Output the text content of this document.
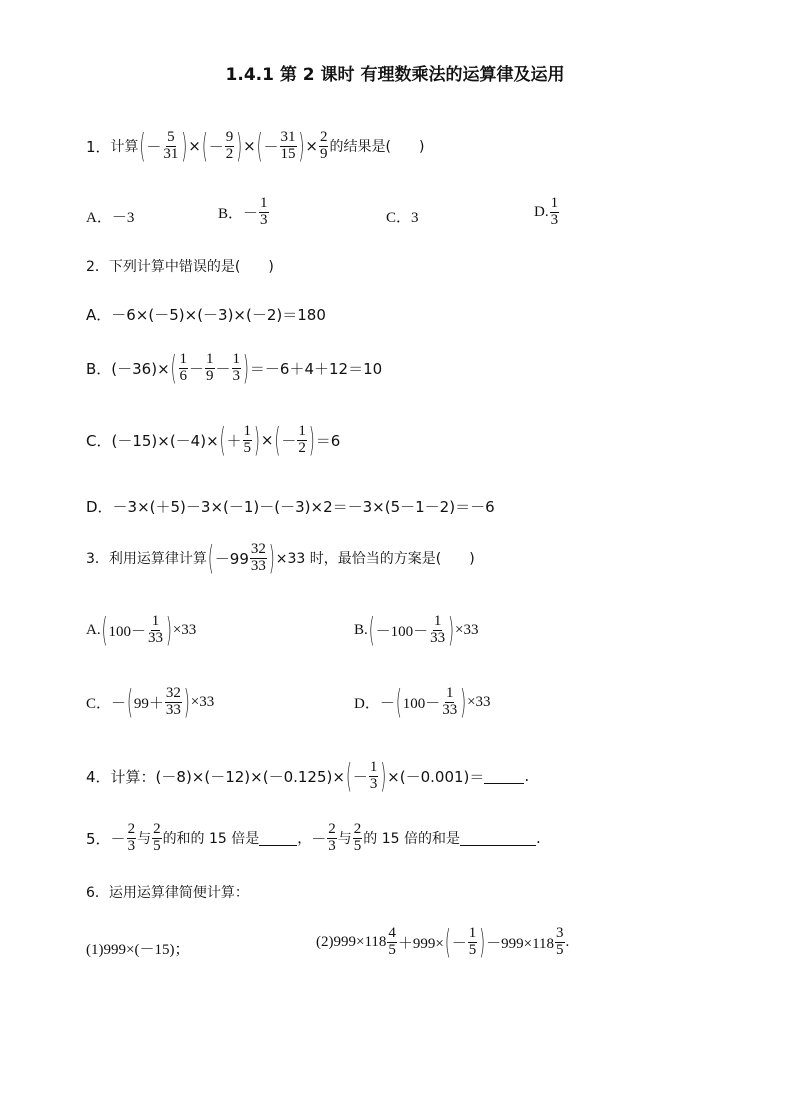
1.4.1 第 2 课时 有理数乘法的运算律及运用
1． 计算 ( － $\frac{5}{31}$ ) × ( － $\frac{9}{2}$ ) × ( － $\frac{31}{15}$ ) × $\frac{2}{9}$ 的结果是(　　)
A．－3	B． － $\frac{1}{3}$	C．3	D. $\frac{1}{3}$
2．下列计算中错误的是(　　)
A．－6×(－5)×(－3)×(－2)＝180
B．(－36)× ( $\frac{1}{6} - \frac{1}{9} - \frac{1}{3}$ ) ＝－6＋4＋12＝10
C．(－15)×(－4)× ( ＋ $\frac{1}{5}$ ) × ( － $\frac{1}{2}$ ) ＝6
D．－3×(＋5)－3×(－1)－(－3)×2＝－3×(5－1－2)＝－6
3．利用运算律计算 ( $-99 \frac{32}{33}$ ) ×33 时，最恰当的方案是(　　)
A. ( $100- \frac{1}{33}$ ) ×33	B. ( $-100- \frac{1}{33}$ ) ×33
C．－ ( $99+ \frac{32}{33}$ ) ×33	D．－ ( $100- \frac{1}{33}$ ) ×33
4．计算：(－8)×(－12)×(－0.125)× ( － $\frac{1}{3}$ ) ×(－0.001)＝	.
5． － $\frac{2}{3}$ 与 $\frac{2}{5}$ 的和的 15 倍是	， － $\frac{2}{3}$ 与 $\frac{2}{5}$ 的 15 倍的和是	.
6．运用运算律简便计算：
(1)999×(－15)；
$(2)999\times 118 \frac{4}{5} +999\times$ ( － $\frac{1}{5}$ ) $-999\times 118 \frac{3}{5}$ .
